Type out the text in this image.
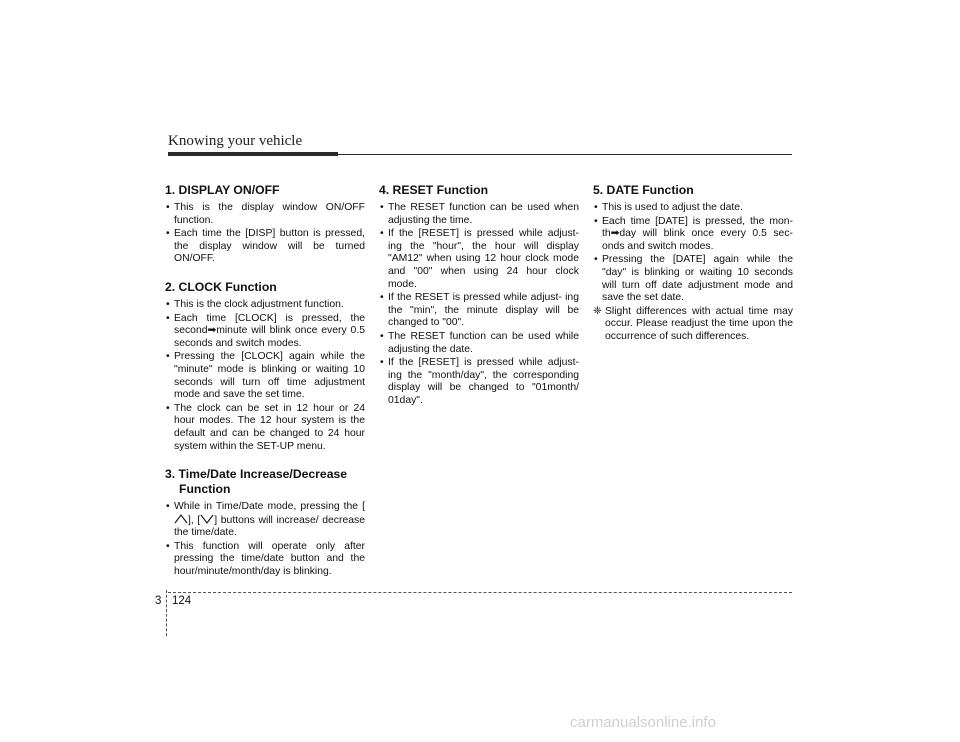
Knowing your vehicle
1. DISPLAY ON/OFF
• This is the display window ON/OFF function.
• Each time the [DISP] button is pressed, the display window will be turned ON/OFF.
2. CLOCK Function
• This is the clock adjustment function.
• Each time [CLOCK] is pressed, the second➡minute will blink once every 0.5 seconds and switch modes.
• Pressing the [CLOCK] again while the "minute" mode is blinking or waiting 10 seconds will turn off time adjustment mode and save the set time.
• The clock can be set in 12 hour or 24 hour modes. The 12 hour system is the default and can be changed to 24 hour system within the SET-UP menu.
3. Time/Date Increase/Decrease
Function
• While in Time/Date mode, pressing the [], [ ] buttons will increase/ decrease the time/date.
• This function will operate only after pressing the time/date button and the hour/minute/month/day is blinking.
4. RESET Function
• The RESET function can be used when adjusting the time.
• If the [RESET] is pressed while adjust- ing the "hour", the hour will display "AM12" when using 12 hour clock mode and "00" when using 24 hour clock mode.
• If the RESET is pressed while adjust- ing the "min", the minute display will be changed to "00".
• The RESET function can be used while adjusting the date.
• If the [RESET] is pressed while adjust- ing the "month/day", the corresponding display will be changed to "01month/ 01day".
5. DATE Function
• This is used to adjust the date.
• Each time [DATE] is pressed, the mon- th➡day will blink once every 0.5 sec- onds and switch modes.
• Pressing the [DATE] again while the "day" is blinking or waiting 10 seconds will turn off date adjustment mode and save the set date.
❈ Slight differences with actual time may occur. Please readjust the time upon the occurrence of such differences.
3 124
carmanualsonline.info
